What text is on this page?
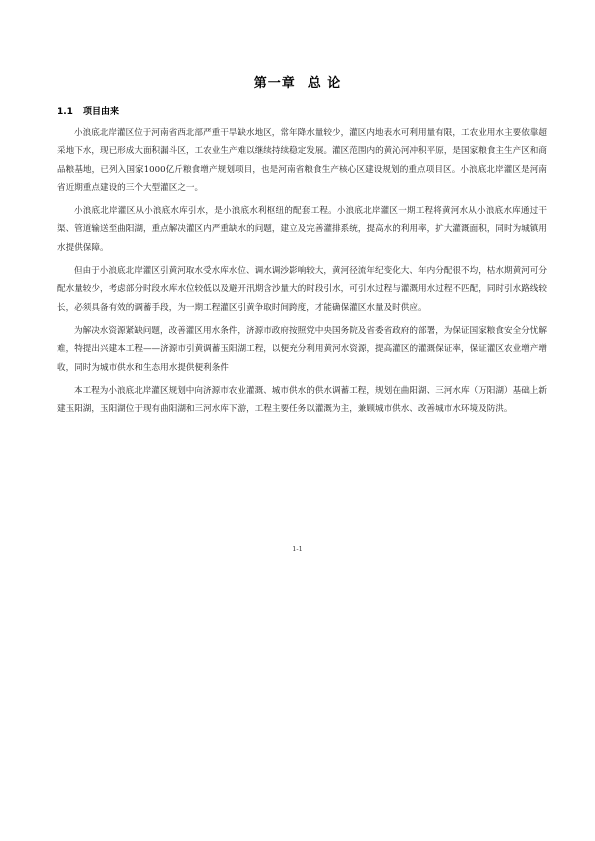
第一章 总 论
1.1 项目由来

小浪底北岸灌区位于河南省西北部严重干旱缺水地区，常年降水量较少，灌区内地表水可利用量有限，工农业用水主要依靠超采地下水，现已形成大面积漏斗区，工农业生产难以继续持续稳定发展。灌区范围内的黄沁河冲积平原，是国家粮食主生产区和商品粮基地，已列入国家1000亿斤粮食增产规划项目，也是河南省粮食生产核心区建设规划的重点项目区。小浪底北岸灌区是河南省近期重点建设的三个大型灌区之一。

小浪底北岸灌区从小浪底水库引水，是小浪底水利枢纽的配套工程。小浪底北岸灌区一期工程将黄河水从小浪底水库通过干渠、管道输送至曲阳湖，重点解决灌区内严重缺水的问题，建立及完善灌排系统，提高水的利用率，扩大灌溉面积，同时为城镇用水提供保障。

但由于小浪底北岸灌区引黄河取水受水库水位、调水调沙影响较大，黄河径流年纪变化大、年内分配很不均，枯水期黄河可分配水量较少，考虑部分时段水库水位较低以及避开汛期含沙量大的时段引水，可引水过程与灌溉用水过程不匹配，同时引水路线较长，必须具备有效的调蓄手段，为一期工程灌区引黄争取时间跨度，才能确保灌区水量及时供应。

为解决水资源紧缺问题，改善灌区用水条件，济源市政府按照党中央国务院及省委省政府的部署，为保证国家粮食安全分忧解难，特提出兴建本工程——济源市引黄调蓄玉阳湖工程，以便充分利用黄河水资源，提高灌区的灌溉保证率，保证灌区农业增产增收，同时为城市供水和生态用水提供便利条件

本工程为小浪底北岸灌区规划中向济源市农业灌溉、城市供水的供水调蓄工程，规划在曲阳湖、三河水库（万阳湖）基础上新建玉阳湖，玉阳湖位于现有曲阳湖和三河水库下游，工程主要任务以灌溉为主，兼顾城市供水、改善城市水环境及防洪。

1-1
